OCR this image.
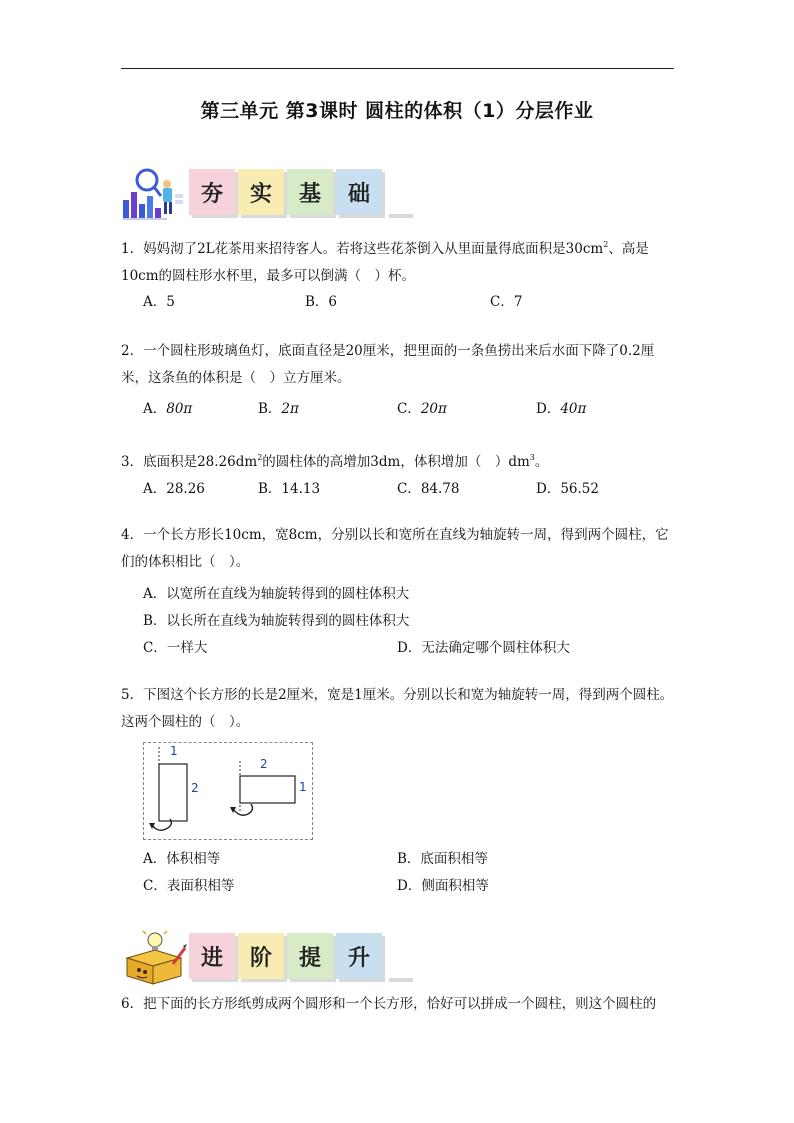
第三单元 第3课时 圆柱的体积（1）分层作业
夯	实	基	础
1．妈妈沏了2L花茶用来招待客人。若将这些花茶倒入从里面量得底面积是$30cm^2$、高是10cm的圆柱形水杯里，最多可以倒满（　）杯。
A．5	B．6	C．7
2．一个圆柱形玻璃鱼灯，底面直径是20厘米，把里面的一条鱼捞出来后水面下降了0.2厘米，这条鱼的体积是（　）立方厘米。
A．80π	B．2π	C．20π	D．40π
3．底面积是$28.26dm^2$的圆柱体的高增加3dm，体积增加（　）$dm^3$。
A．28.26	B．14.13	C．84.78	D．56.52
4．一个长方形长10cm，宽8cm，分别以长和宽所在直线为轴旋转一周，得到两个圆柱，它们的体积相比（　）。
A．以宽所在直线为轴旋转得到的圆柱体积大
B．以长所在直线为轴旋转得到的圆柱体积大
C．一样大	D．无法确定哪个圆柱体积大
5．下图这个长方形的长是2厘米，宽是1厘米。分别以长和宽为轴旋转一周，得到两个圆柱。这两个圆柱的（　）。
1
2
2
1
A．体积相等	B．底面积相等
C．表面积相等	D．侧面积相等
进	阶	提	升
6．把下面的长方形纸剪成两个圆形和一个长方形，恰好可以拼成一个圆柱，则这个圆柱的
